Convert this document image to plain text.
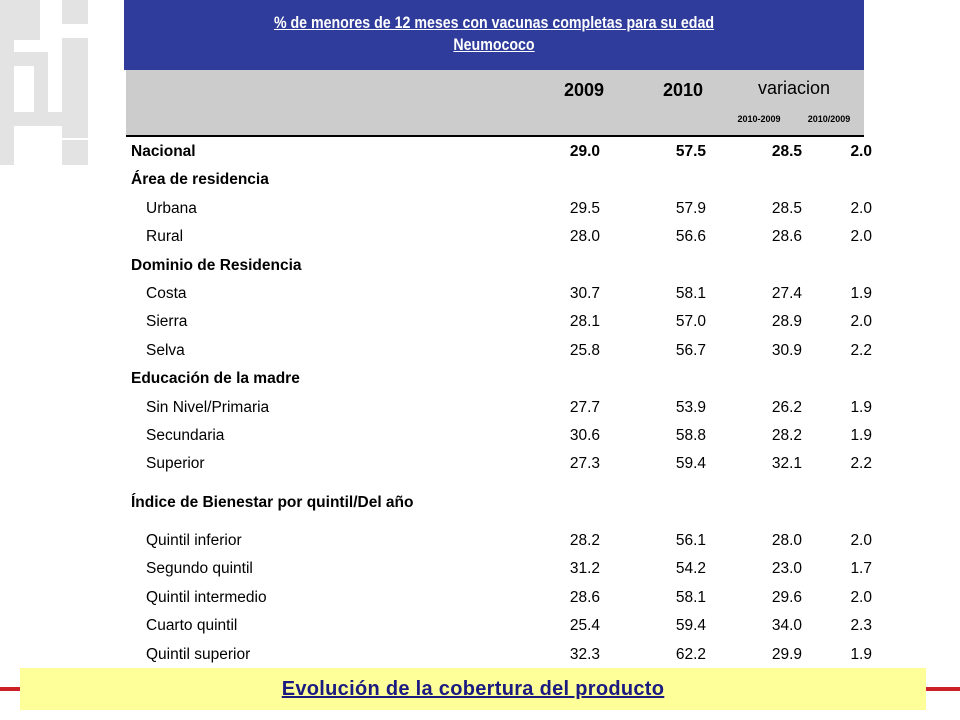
% de menores de 12 meses con vacunas completas para su edad
Neumococo
2009	2010	variacion
2010-2009	2010/2009
Nacional	29.0	57.5	28.5	2.0
Área de residencia
Urbana	29.5	57.9	28.5	2.0
Rural	28.0	56.6	28.6	2.0
Dominio de Residencia
Costa	30.7	58.1	27.4	1.9
Sierra	28.1	57.0	28.9	2.0
Selva	25.8	56.7	30.9	2.2
Educación de la madre
Sin Nivel/Primaria	27.7	53.9	26.2	1.9
Secundaria	30.6	58.8	28.2	1.9
Superior	27.3	59.4	32.1	2.2
Índice de Bienestar por quintil/Del año
Quintil inferior	28.2	56.1	28.0	2.0
Segundo quintil	31.2	54.2	23.0	1.7
Quintil intermedio	28.6	58.1	29.6	2.0
Cuarto quintil	25.4	59.4	34.0	2.3
Quintil superior	32.3	62.2	29.9	1.9
Evolución de la cobertura del producto
